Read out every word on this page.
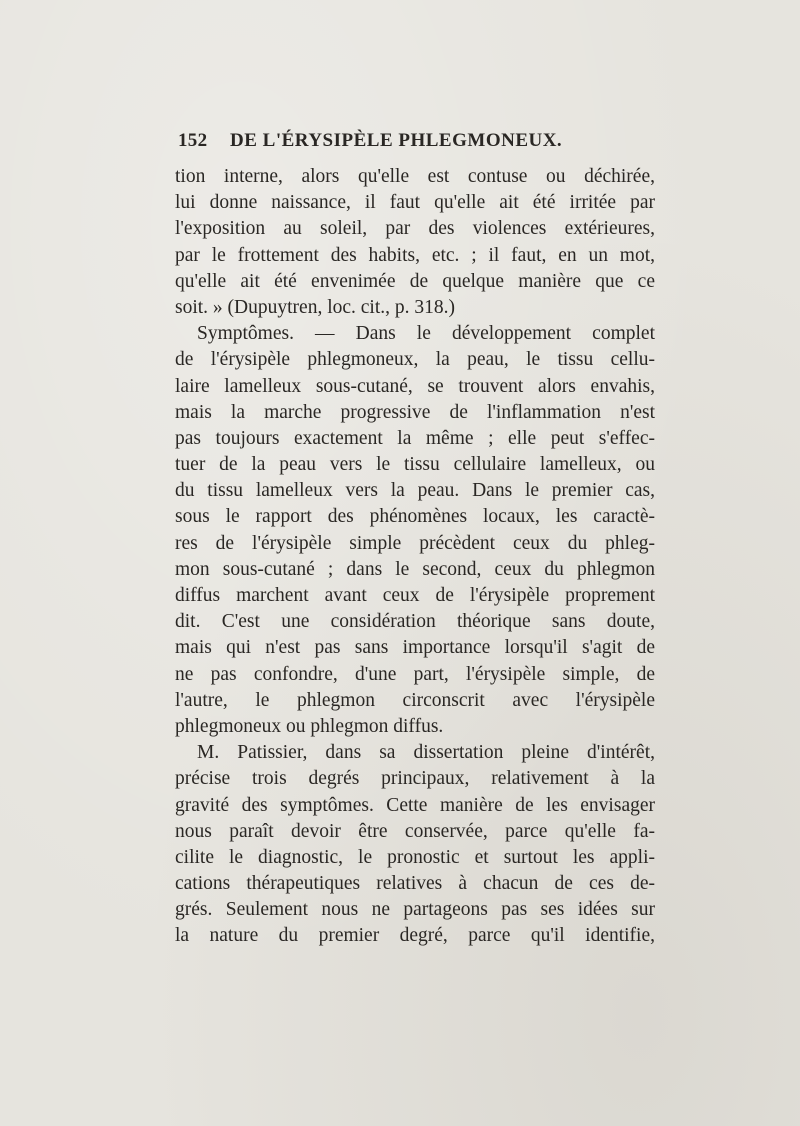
152 DE L'ÉRYSIPÈLE PHLEGMONEUX.
tion interne, alors qu'elle est contuse ou déchirée,
lui donne naissance, il faut qu'elle ait été irritée par
l'exposition au soleil, par des violences extérieures,
par le frottement des habits, etc. ; il faut, en un mot,
qu'elle ait été envenimée de quelque manière que ce
soit. » (Dupuytren, loc. cit., p. 318.)
Symptômes. — Dans le développement complet
de l'érysipèle phlegmoneux, la peau, le tissu cellu-
laire lamelleux sous-cutané, se trouvent alors envahis,
mais la marche progressive de l'inflammation n'est
pas toujours exactement la même ; elle peut s'effec-
tuer de la peau vers le tissu cellulaire lamelleux, ou
du tissu lamelleux vers la peau. Dans le premier cas,
sous le rapport des phénomènes locaux, les caractè-
res de l'érysipèle simple précèdent ceux du phleg-
mon sous-cutané ; dans le second, ceux du phlegmon
diffus marchent avant ceux de l'érysipèle proprement
dit. C'est une considération théorique sans doute,
mais qui n'est pas sans importance lorsqu'il s'agit de
ne pas confondre, d'une part, l'érysipèle simple, de
l'autre, le phlegmon circonscrit avec l'érysipèle
phlegmoneux ou phlegmon diffus.
M. Patissier, dans sa dissertation pleine d'intérêt,
précise trois degrés principaux, relativement à la
gravité des symptômes. Cette manière de les envisager
nous paraît devoir être conservée, parce qu'elle fa-
cilite le diagnostic, le pronostic et surtout les appli-
cations thérapeutiques relatives à chacun de ces de-
grés. Seulement nous ne partageons pas ses idées sur
la nature du premier degré, parce qu'il identifie,
